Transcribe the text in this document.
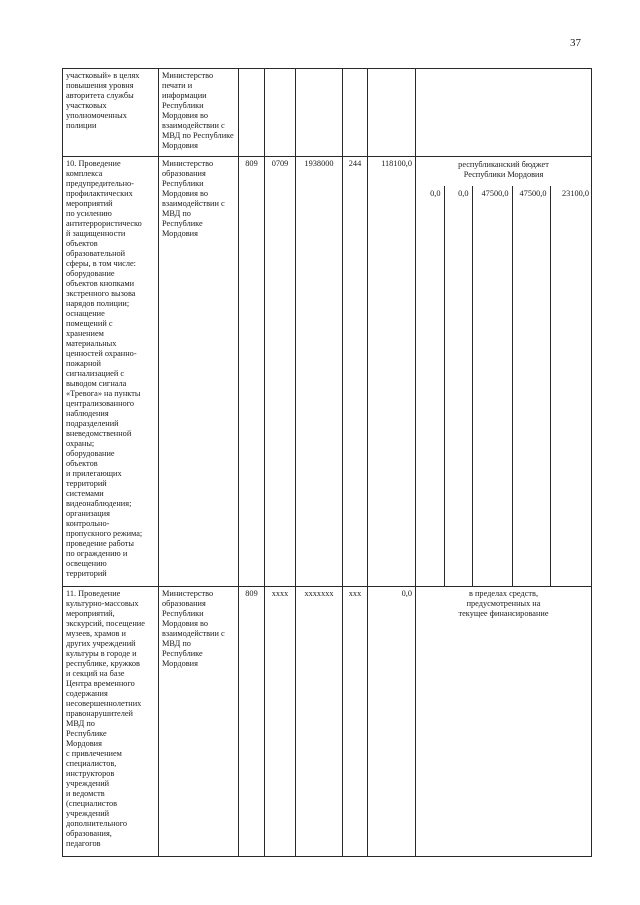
37
участковый» в целях
повышения уровня
авторитета службы
участковых
уполномоченных
полиции	Министерство
печати и
информации
Республики
Мордовия во
взаимодействии с
МВД по Республике
Мордовия						
10. Проведение
комплекса
предупредительно-
профилактических
мероприятий
по усилению
антитеррористическо
й защищенности
объектов
образовательной
сферы, в том числе:
оборудование
объектов кнопками
экстренного вызова
нарядов полиции;
оснащение
помещений с
хранением
материальных
ценностей охранно-
пожарной
сигнализацией с
выводом сигнала
«Тревога» на пункты
централизованного
наблюдения
подразделений
вневедомственной
охраны;
оборудование
объектов
и прилегающих
территорий
системами
видеонаблюдения;
организация
контрольно-
пропускного режима;
проведение работы
по ограждению и
освещению
территорий	Министерство
образования
Республики
Мордовия во
взаимодействии с
МВД по
Республике
Мордовия	809	0709	1938000	244	118100,0	республиканский бюджет
Республики Мордовия
0,0	0,0	47500,0	47500,0	23100,0

11. Проведение
культурно-массовых
мероприятий,
экскурсий, посещение
музеев, храмов и
других учреждений
культуры в городе и
республике, кружков
и секций на базе
Центра временного
содержания
несовершеннолетних
правонарушителей
МВД по
Республике
Мордовия
с привлечением
специалистов,
инструкторов
учреждений
и ведомств
(специалистов
учреждений
дополнительного
образования,
педагогов	Министерство
образования
Республики
Мордовия во
взаимодействии с
МВД по
Республике
Мордовия	809	хххх	ххххххх	ххх	0,0	в пределах средств,
предусмотренных на
текущее финансирование
